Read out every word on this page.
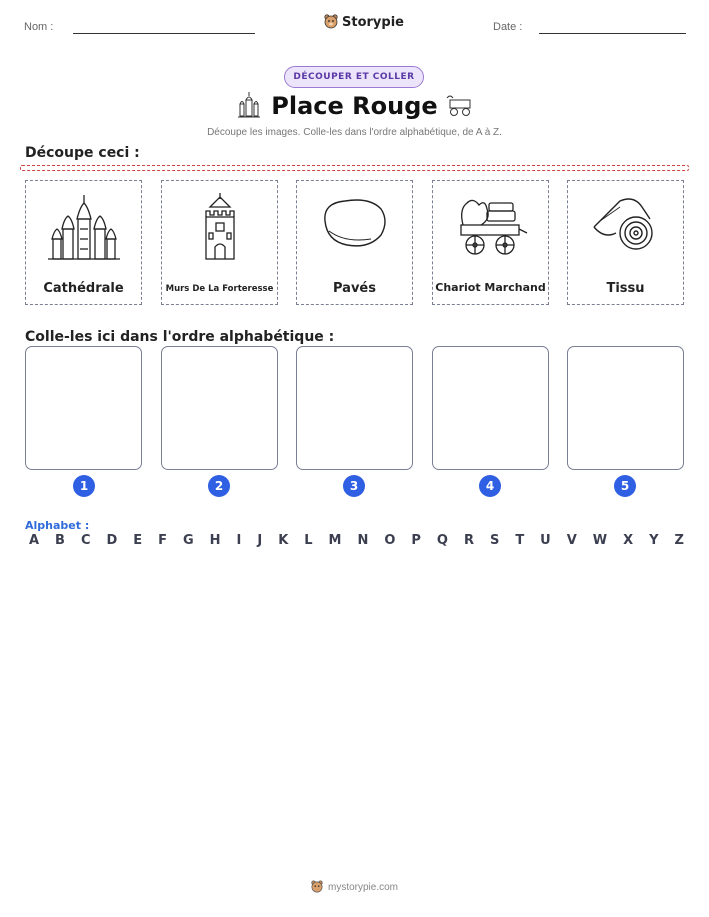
Nom :	Storypie	Date :
DÉCOUPER ET COLLER
Place Rouge
Découpe les images. Colle-les dans l'ordre alphabétique, de A à Z.
Découpe ceci :
Cathédrale	Murs De La Forteresse	Pavés	Chariot Marchand	Tissu
Colle-les ici dans l'ordre alphabétique :
1	2	3	4	5
Alphabet :
A B C D E F G H I J K L M N O P Q R S T U V W X Y Z
mystorypie.com
